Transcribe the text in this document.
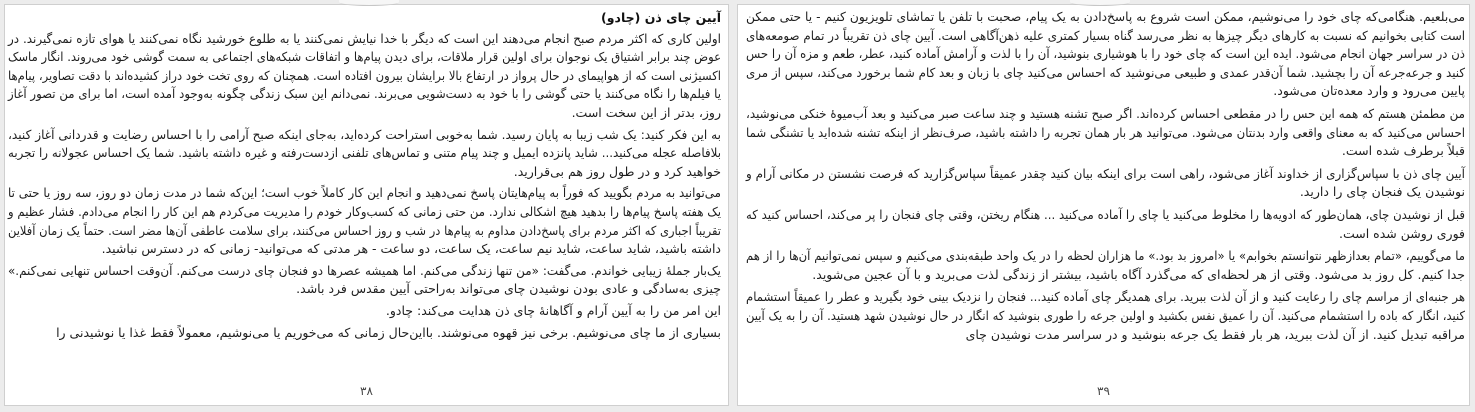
آیین چای ذن (چادو)
اولین کاری که اکثر مردم صبح انجام می‌دهند این است که دیگر با خدا نیایش نمی‌کنند یا به طلوع خورشید نگاه نمی‌کنند یا هوای تازه نمی‌گیرند. در
عوض چند برابر اشتیاق یک نوجوان برای اولین قرار ملاقات، برای دیدن پیام‌ها و اتفاقات شبکه‌های اجتماعی به سمت گوشی خود می‌روند. انگار ماسک
اکسیژنی است که از هواپیمای در حال پرواز در ارتفاع بالا برایشان بیرون افتاده است. همچنان که روی تخت خود دراز کشیده‌اند با دقت تصاویر، پیام‌ها
یا فیلم‌ها را نگاه می‌کنند یا حتی گوشی را با خود به دست‌شویی می‌برند. نمی‌دانم این سبک زندگی چگونه به‌وجود آمده است، اما برای من تصور آغاز
روز، بدتر از این سخت است.
به این فکر کنید: یک شب زیبا به پایان رسید. شما به‌خوبی استراحت کرده‌اید، به‌جای اینکه صبح آرامی را با احساس رضایت و قدردانی آغاز کنید،
بلافاصله عجله می‌کنید... شاید پانزده ایمیل و چند پیام متنی و تماس‌های تلفنی ازدست‌رفته و غیره داشته باشید. شما یک احساس عجولانه را تجربه
خواهید کرد و در طول روز هم بی‌قرارید.
می‌توانید به مردم بگویید که فوراً به پیام‌هایتان پاسخ نمی‌دهید و انجام این کار کاملاً خوب است؛ این‌که شما در مدت زمان دو روز، سه روز یا حتی تا
یک هفته پاسخ پیام‌ها را بدهید هیچ اشکالی ندارد. من حتی زمانی که کسب‌وکار خودم را مدیریت می‌کردم هم این کار را انجام می‌دادم. فشار عظیم و
تقریباً اجباری که اکثر مردم برای پاسخ‌دادن مداوم به پیام‌ها در شب و روز احساس می‌کنند، برای سلامت عاطفی آن‌ها مضر است. حتماً یک زمان آفلاین
داشته باشید، شاید ساعت، شاید نیم ساعت، یک ساعت، دو ساعت - هر مدتی که می‌توانید- زمانی که در دسترس نباشید.
یک‌بار جملهٔ زیبایی خواندم. می‌گفت: «من تنها زندگی می‌کنم. اما همیشه عصرها دو فنجان چای درست می‌کنم. آن‌وقت احساس تنهایی نمی‌کنم.»
چیزی به‌سادگی و عادی بودن نوشیدن چای می‌تواند به‌راحتی آیین مقدس فرد باشد.
این امر من را به آیین آرام و آگاهانهٔ چای ذن هدایت می‌کند: چادو.
بسیاری از ما چای می‌نوشیم. برخی نیز قهوه می‌نوشند. بااین‌حال زمانی که می‌خوریم یا می‌نوشیم، معمولاً فقط غذا یا نوشیدنی را
۳۸
می‌بلعیم. هنگامی‌که چای خود را می‌نوشیم، ممکن است شروع به پاسخ‌دادن به یک پیام، صحبت با تلفن یا تماشای تلویزیون کنیم - یا حتی ممکن
است کتابی بخوانیم که نسبت به کارهای دیگر چیزها به نظر می‌رسد گناه بسیار کمتری علیه ذهن‌آگاهی است. آیین چای ذن تقریباً در تمام صومعه‌های
ذن در سراسر جهان انجام می‌شود. ایده این است که چای خود را با هوشیاری بنوشید، آن را با لذت و آرامش آماده کنید، عطر، طعم و مزه آن را حس
کنید و جرعه‌جرعه آن را بچشید. شما آن‌قدر عمدی و طبیعی می‌نوشید که احساس می‌کنید چای با زبان و بعد کام شما برخورد می‌کند، سپس از مری
پایین می‌رود و وارد معده‌تان می‌شود.
من مطمئن هستم که همه این حس را در مقطعی احساس کرده‌اند. اگر صبح تشنه هستید و چند ساعت صبر می‌کنید و بعد آب‌میوهٔ خنکی می‌نوشید،
احساس می‌کنید که به معنای واقعی وارد بدنتان می‌شود. می‌توانید هر بار همان تجربه را داشته باشید، صرف‌نظر از اینکه تشنه شده‌اید یا تشنگی شما
قبلاً برطرف شده است.
آیین چای ذن با سپاس‌گزاری از خداوند آغاز می‌شود، راهی است برای اینکه بیان کنید چقدر عمیقاً سپاس‌گزارید که فرصت نشستن در مکانی آرام و
نوشیدن یک فنجان چای را دارید.
قبل از نوشیدن چای، همان‌طور که ادویه‌ها را مخلوط می‌کنید یا چای را آماده می‌کنید ... هنگام ریختن، وقتی چای فنجان را پر می‌کند، احساس کنید که
فوری روشن شده است.
ما می‌گوییم، «تمام بعدازظهر نتوانستم بخوابم» یا «امروز بد بود.» ما هزاران لحظه را در یک واحد طبقه‌بندی می‌کنیم و سپس نمی‌توانیم آن‌ها را از هم
جدا کنیم. کل روز بد می‌شود. وقتی از هر لحظه‌ای که می‌گذرد آگاه باشید، بیشتر از زندگی لذت می‌برید و با آن عجین می‌شوید.
هر جنبه‌ای از مراسم چای را رعایت کنید و از آن لذت ببرید. برای همدیگر چای آماده کنید... فنجان را نزدیک بینی خود بگیرید و عطر را عمیقاً استشمام
کنید، انگار که باده را استشمام می‌کنید. آن را عمیق نفس بکشید و اولین جرعه را طوری بنوشید که انگار در حال نوشیدن شهد هستید. آن را به یک آیین
مراقبه تبدیل کنید. از آن لذت ببرید، هر بار فقط یک جرعه بنوشید و در سراسر مدت نوشیدن چای
۳۹
